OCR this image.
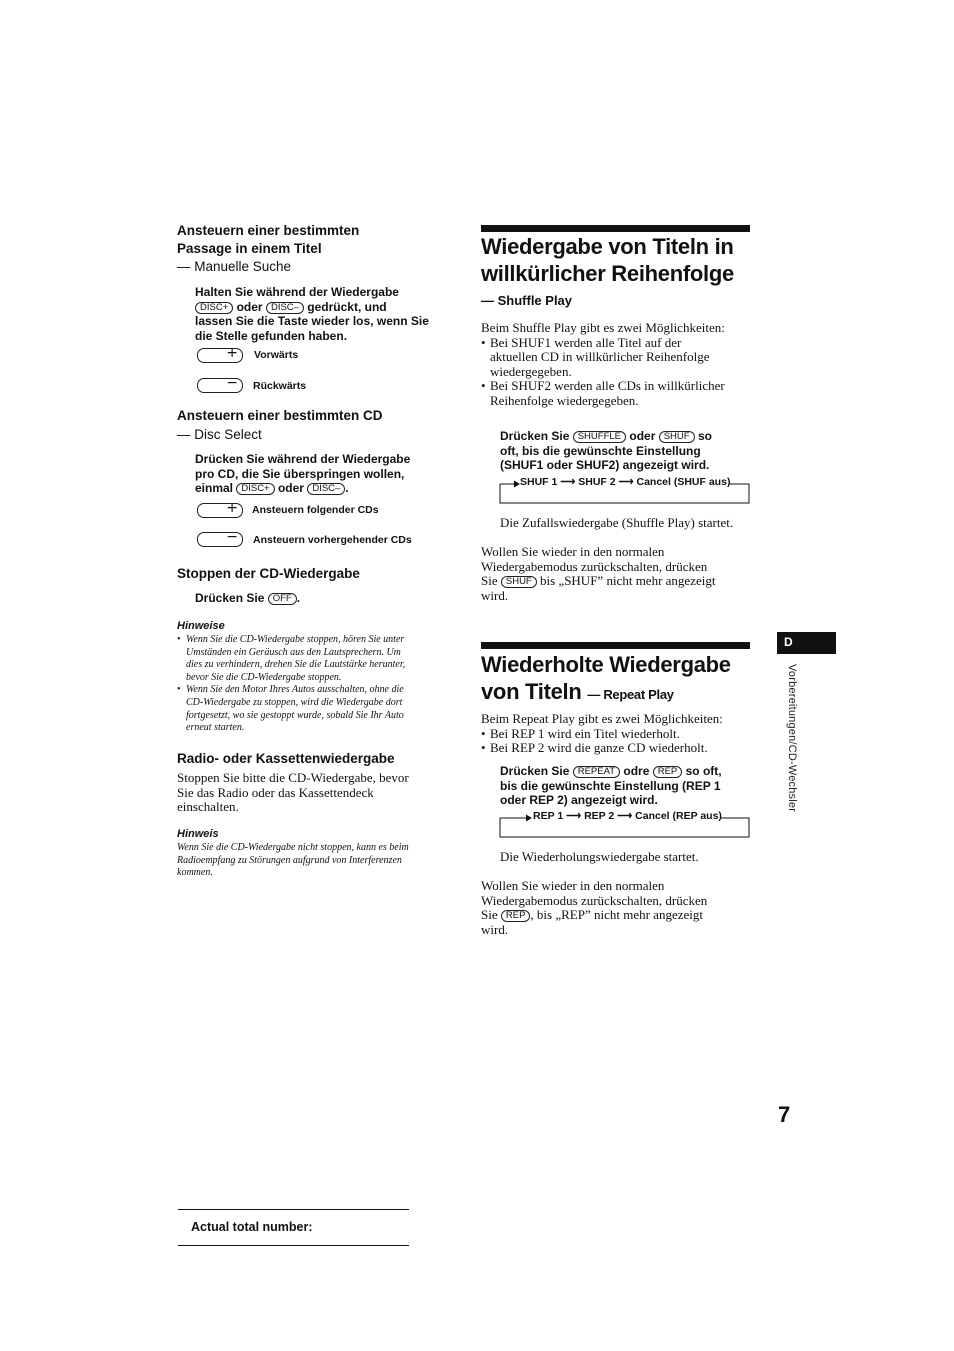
Ansteuern einer bestimmten
Passage in einem Titel
— Manuelle Suche
Halten Sie während der Wiedergabe
DISC+ oder DISC– gedrückt, und
lassen Sie die Taste wieder los, wenn Sie
die Stelle gefunden haben.
+ Vorwärts
− Rückwärts
Ansteuern einer bestimmten CD
— Disc Select
Drücken Sie während der Wiedergabe
pro CD, die Sie überspringen wollen,
einmal DISC+ oder DISC– .
+ Ansteuern folgender CDs
− Ansteuern vorhergehender CDs
Stoppen der CD-Wiedergabe
Drücken Sie OFF .
Hinweise
• Wenn Sie die CD-Wiedergabe stoppen, hören Sie unter
Umständen ein Geräusch aus den Lautsprechern. Um
dies zu verhindern, drehen Sie die Lautstärke herunter,
bevor Sie die CD-Wiedergabe stoppen.
• Wenn Sie den Motor Ihres Autos ausschalten, ohne die
CD-Wiedergabe zu stoppen, wird die Wiedergabe dort
fortgesetzt, wo sie gestoppt wurde, sobald Sie Ihr Auto
erneut starten.
Radio- oder Kassettenwiedergabe
Stoppen Sie bitte die CD-Wiedergabe, bevor
Sie das Radio oder das Kassettendeck
einschalten.
Hinweis
Wenn Sie die CD-Wiedergabe nicht stoppen, kann es beim
Radioempfang zu Störungen aufgrund von Interferenzen
kommen.
Actual total number:
Wiedergabe von Titeln in
willkürlicher Reihenfolge
— Shuffle Play
Beim Shuffle Play gibt es zwei Möglichkeiten:
• Bei SHUF1 werden alle Titel auf der
aktuellen CD in willkürlicher Reihenfolge
wiedergegeben.
• Bei SHUF2 werden alle CDs in willkürlicher
Reihenfolge wiedergegeben.
Drücken Sie SHUFFLE oder SHUF so
oft, bis die gewünschte Einstellung
(SHUF1 oder SHUF2) angezeigt wird.
SHUF 1 ⟶ SHUF 2 ⟶ Cancel (SHUF aus)
Die Zufallswiedergabe (Shuffle Play) startet.
Wollen Sie wieder in den normalen
Wiedergabemodus zurückschalten, drücken
Sie SHUF bis „SHUF” nicht mehr angezeigt
wird.
Wiederholte Wiedergabe
von Titeln — Repeat Play
Beim Repeat Play gibt es zwei Möglichkeiten:
• Bei REP 1 wird ein Titel wiederholt.
• Bei REP 2 wird die ganze CD wiederholt.
Drücken Sie REPEAT odre REP so oft,
bis die gewünschte Einstellung (REP 1
oder REP 2) angezeigt wird.
REP 1 ⟶ REP 2 ⟶ Cancel (REP aus)
Die Wiederholungswiedergabe startet.
Wollen Sie wieder in den normalen
Wiedergabemodus zurückschalten, drücken
Sie REP , bis „REP” nicht mehr angezeigt
wird.
D
Vorbereitungen/CD-Wechsler
7
